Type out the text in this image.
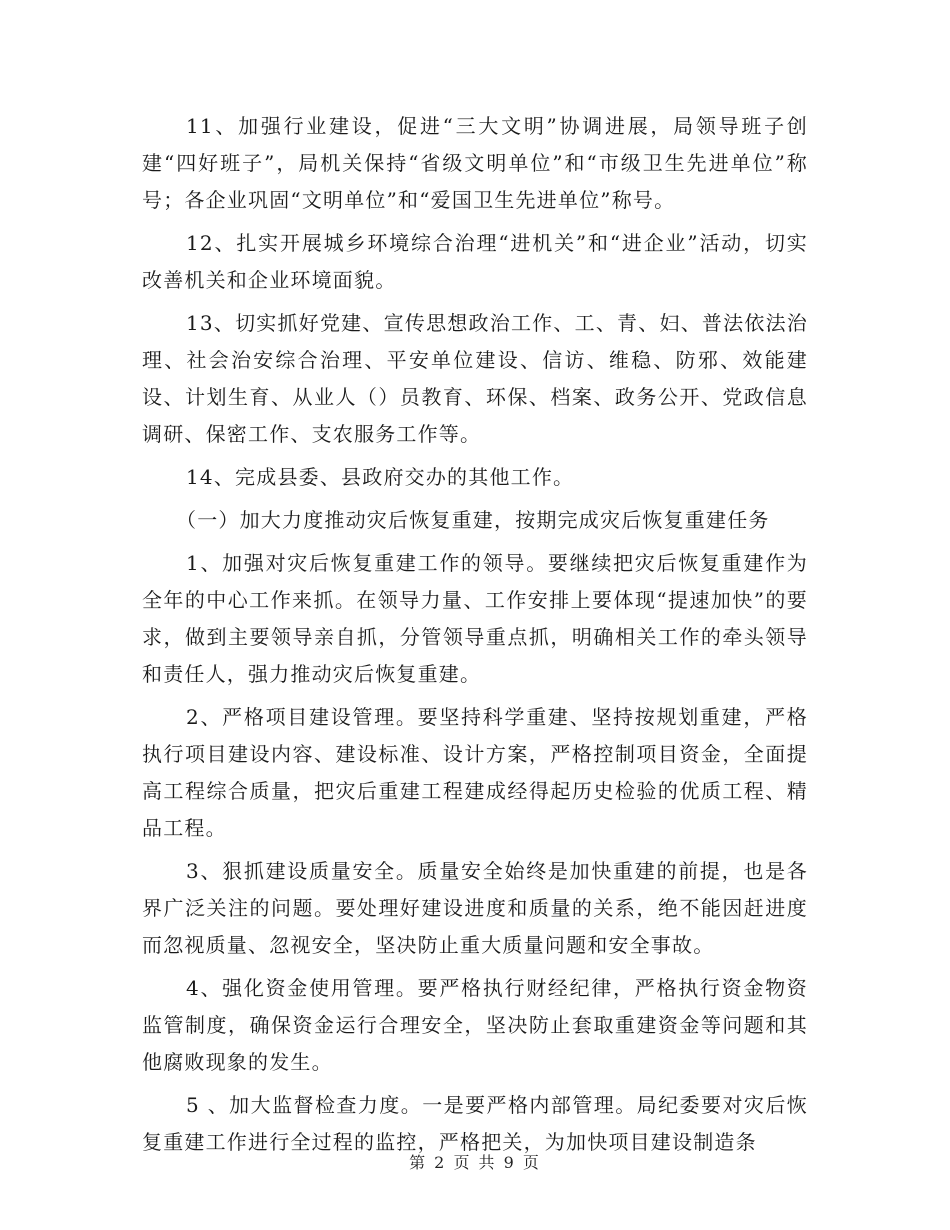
11、加强行业建设，促进“三大文明”协调进展，局领导班子创建“四好班子”，局机关保持“省级文明单位”和“市级卫生先进单位”称号；各企业巩固“文明单位”和“爱国卫生先进单位”称号。

12、扎实开展城乡环境综合治理“进机关”和“进企业”活动，切实改善机关和企业环境面貌。

13、切实抓好党建、宣传思想政治工作、工、青、妇、普法依法治理、社会治安综合治理、平安单位建设、信访、维稳、防邪、效能建设、计划生育、从业人（）员教育、环保、档案、政务公开、党政信息调研、保密工作、支农服务工作等。

14、完成县委、县政府交办的其他工作。

（一）加大力度推动灾后恢复重建，按期完成灾后恢复重建任务

1、加强对灾后恢复重建工作的领导。要继续把灾后恢复重建作为全年的中心工作来抓。在领导力量、工作安排上要体现“提速加快”的要求，做到主要领导亲自抓，分管领导重点抓，明确相关工作的牵头领导和责任人，强力推动灾后恢复重建。

2、严格项目建设管理。要坚持科学重建、坚持按规划重建，严格执行项目建设内容、建设标准、设计方案，严格控制项目资金，全面提高工程综合质量，把灾后重建工程建成经得起历史检验的优质工程、精品工程。

3、狠抓建设质量安全。质量安全始终是加快重建的前提，也是各界广泛关注的问题。要处理好建设进度和质量的关系，绝不能因赶进度而忽视质量、忽视安全，坚决防止重大质量问题和安全事故。

4、强化资金使用管理。要严格执行财经纪律，严格执行资金物资监管制度，确保资金运行合理安全，坚决防止套取重建资金等问题和其他腐败现象的发生。

5 、加大监督检查力度。一是要严格内部管理。局纪委要对灾后恢复重建工作进行全过程的监控，严格把关，为加快项目建设制造条

第 2 页 共 9 页
